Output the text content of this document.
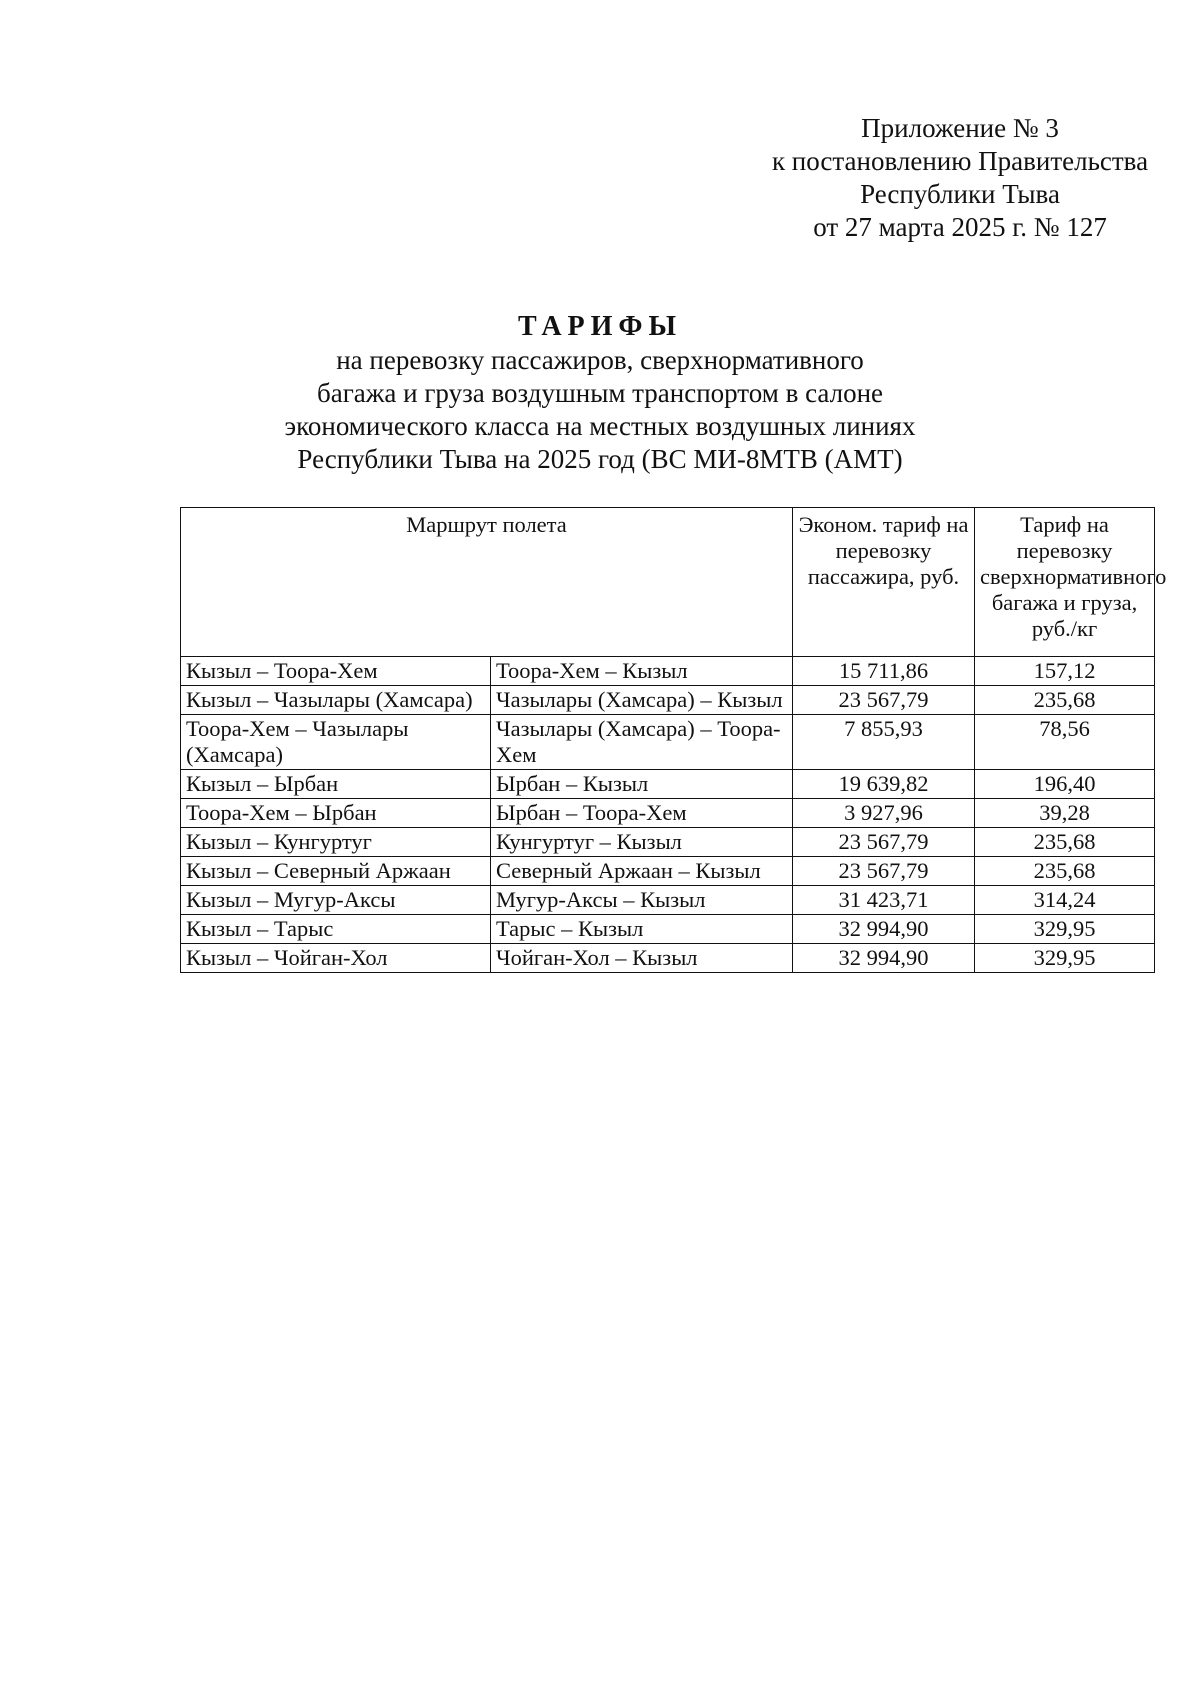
Приложение № 3
к постановлению Правительства
Республики Тыва
от 27 марта 2025 г. № 127
ТАРИФЫ
на перевозку пассажиров, сверхнормативного
багажа и груза воздушным транспортом в салоне
экономического класса на местных воздушных линиях
Республики Тыва на 2025 год (ВС МИ-8МТВ (АМТ)
Маршрут полета		Эконом. тариф на перевозку пассажира, руб.	Тариф на перевозку сверхнормативного багажа и груза, руб./кг
Кызыл – Тоора-Хем	Тоора-Хем – Кызыл	15 711,86	157,12
Кызыл – Чазылары (Хамсара)	Чазылары (Хамсара) – Кызыл	23 567,79	235,68
Тоора-Хем – Чазылары (Хамсара)	Чазылары (Хамсара) – Тоора-Хем	7 855,93	78,56
Кызыл – Ырбан	Ырбан – Кызыл	19 639,82	196,40
Тоора-Хем – Ырбан	Ырбан – Тоора-Хем	3 927,96	39,28
Кызыл – Кунгуртуг	Кунгуртуг – Кызыл	23 567,79	235,68
Кызыл – Северный Аржаан	Северный Аржаан – Кызыл	23 567,79	235,68
Кызыл – Мугур-Аксы	Мугур-Аксы – Кызыл	31 423,71	314,24
Кызыл – Тарыс	Тарыс – Кызыл	32 994,90	329,95
Кызыл – Чойган-Хол	Чойган-Хол – Кызыл	32 994,90	329,95
